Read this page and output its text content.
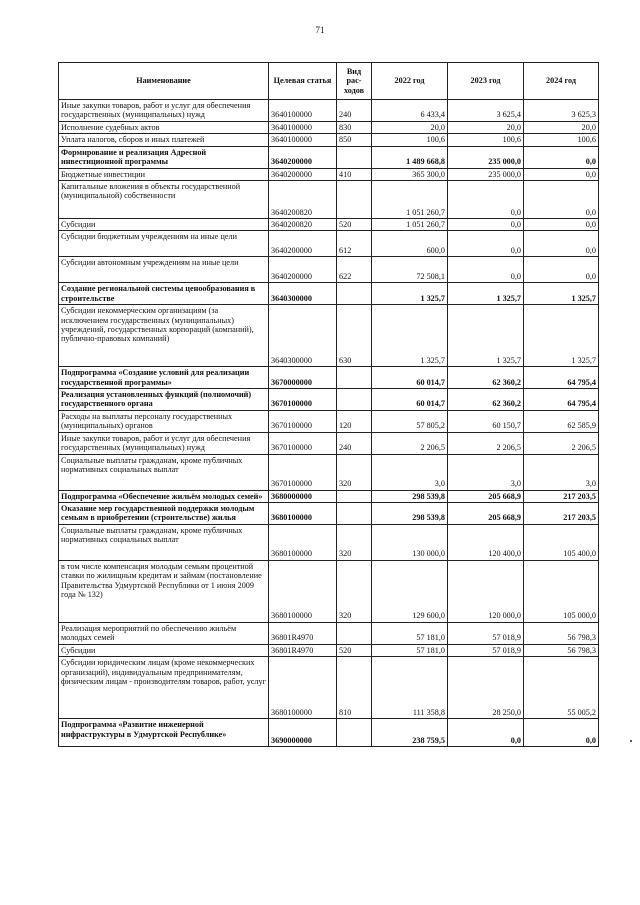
71
Наименование	Целевая статья	Вид рас-ходов	2022 год	2023 год	2024 год
Иные закупки товаров, работ и услуг для обеспечения государственных (муниципальных) нужд	3640100000	240	6 433,4	3 625,4	3 625,3
Исполнение судебных актов	3640100000	830	20,0	20,0	20,0
Уплата налогов, сборов и иных платежей	3640100000	850	100,6	100,6	100,6
Формирование и реализация Адресной инвестиционной программы	3640200000		1 489 668,8	235 000,0	0,0
Бюджетные инвестиции	3640200000	410	365 300,0	235 000,0	0,0
Капитальные вложения в объекты государственной (муниципальной) собственности	3640200820		1 051 260,7	0,0	0,0
Субсидии	3640200820	520	1 051 260,7	0,0	0,0
Субсидии бюджетным учреждениям на иные цели	3640200000	612	600,0	0,0	0,0
Субсидии автономным учреждениям на иные цели	3640200000	622	72 508,1	0,0	0,0
Создание региональной системы ценообразования в строительстве	3640300000		1 325,7	1 325,7	1 325,7
Субсидии некоммерческим организациям (за исключением государственных (муниципальных) учреждений, государственных корпораций (компаний), публично-правовых компаний)	3640300000	630	1 325,7	1 325,7	1 325,7
Подпрограмма «Создание условий для реализации государственной программы»	3670000000		60 014,7	62 360,2	64 795,4
Реализация установленных функций (полномочий) государственного органа	3670100000		60 014,7	62 360,2	64 795,4
Расходы на выплаты персоналу государственных (муниципальных) органов	3670100000	120	57 805,2	60 150,7	62 585,9
Иные закупки товаров, работ и услуг для обеспечения государственных (муниципальных) нужд	3670100000	240	2 206,5	2 206,5	2 206,5
Социальные выплаты гражданам, кроме публичных нормативных социальных выплат	3670100000	320	3,0	3,0	3,0
Подпрограмма «Обеспечение жильём молодых семей»	3680000000		298 539,8	205 668,9	217 203,5
Оказание мер государственной поддержки молодым семьям в приобретении (строительстве) жилья	3680100000		298 539,8	205 668,9	217 203,5
Социальные выплаты гражданам, кроме публичных нормативных социальных выплат	3680100000	320	130 000,0	120 400,0	105 400,0
в том числе компенсация молодым семьям процентной ставки по жилищным кредитам и займам (постановление Правительства Удмуртской Республики от 1 июня 2009 года № 132)	3680100000	320	129 600,0	120 000,0	105 000,0
Реализация мероприятий по обеспечению жильём молодых семей	36801R4970		57 181,0	57 018,9	56 798,3
Субсидии	36801R4970	520	57 181,0	57 018,9	56 798,3
Субсидии юридическим лицам (кроме некоммерческих организаций), индивидуальным предпринимателям, физическим лицам - производителям товаров, работ, услуг	3680100000	810	111 358,8	28 250,0	55 005,2
Подпрограмма «Развитие инженерной инфраструктуры в Удмуртской Республике»	3690000000		238 759,5	0,0	0,0
